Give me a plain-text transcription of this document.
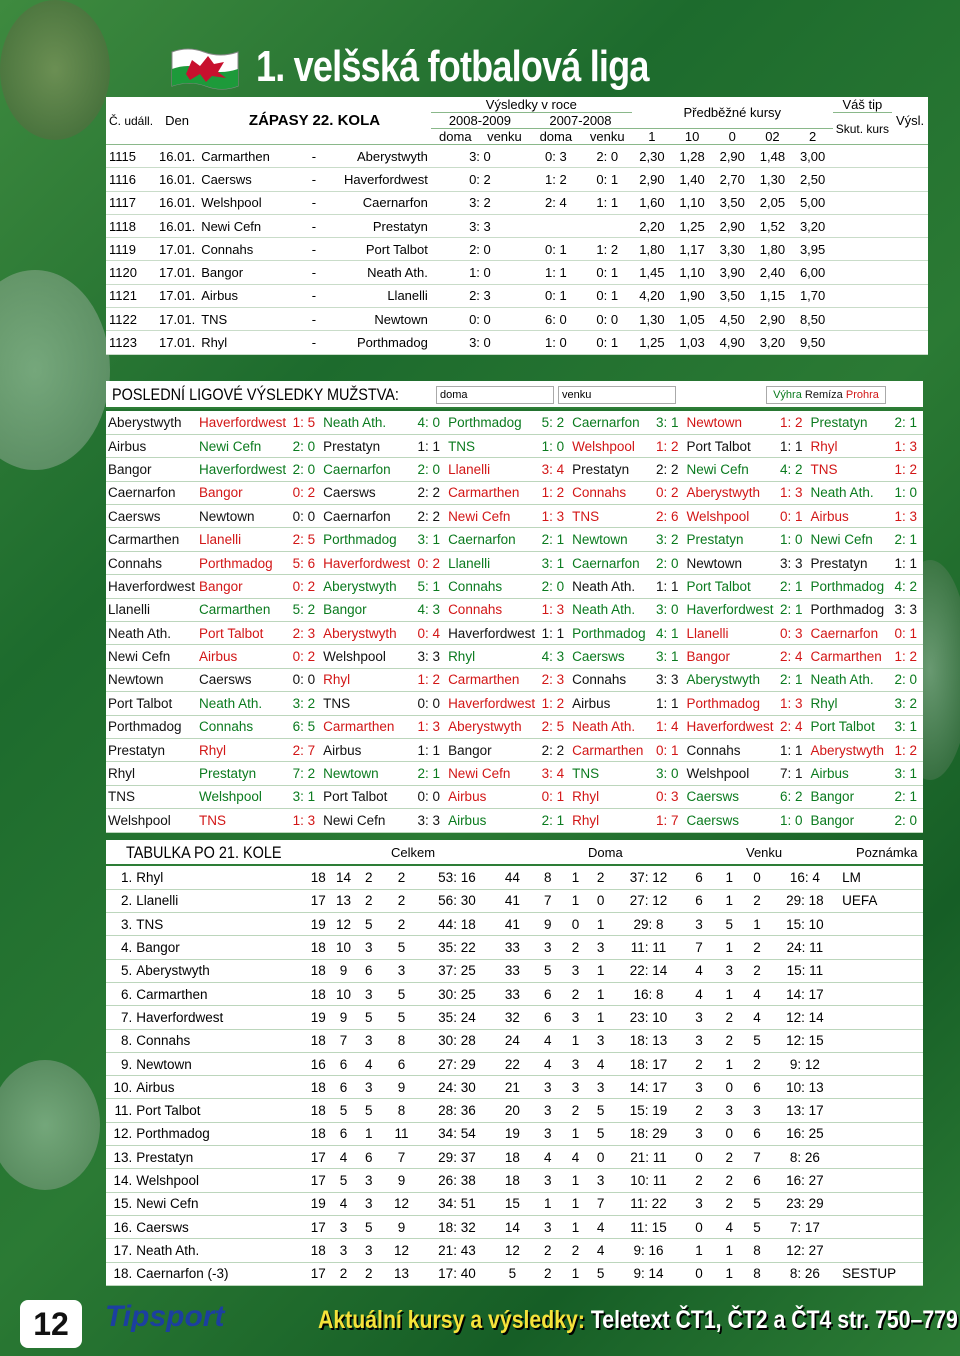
1. velšská fotbalová liga
Č. událl.	Den	ZÁPASY 22. KOLA			Výsledky v roce				Předběžné kursy					Váš tip	Výsl.
					2008-2009		2007-2008							Skut. kurs	
					doma	venku	doma	venku	1	10	0	02	2		
1115	16.01.	Carmarthen	-	Aberystwyth	3: 0		0: 3	2: 0	2,30	1,28	2,90	1,48	3,00		
1116	16.01.	Caersws	-	Haverfordwest	0: 2		1: 2	0: 1	2,90	1,40	2,70	1,30	2,50		
1117	16.01.	Welshpool	-	Caernarfon	3: 2		2: 4	1: 1	1,60	1,10	3,50	2,05	5,00		
1118	16.01.	Newi Cefn	-	Prestatyn	3: 3				2,20	1,25	2,90	1,52	3,20		
1119	17.01.	Connahs	-	Port Talbot	2: 0		0: 1	1: 2	1,80	1,17	3,30	1,80	3,95		
1120	17.01.	Bangor	-	Neath Ath.	1: 0		1: 1	0: 1	1,45	1,10	3,90	2,40	6,00		
1121	17.01.	Airbus	-	Llanelli	2: 3		0: 1	0: 1	4,20	1,90	3,50	1,15	1,70		
1122	17.01.	TNS	-	Newtown	0: 0		6: 0	0: 0	1,30	1,05	4,50	2,90	8,50		
1123	17.01.	Rhyl	-	Porthmadog	3: 0		1: 0	0: 1	1,25	1,03	4,90	3,20	9,50		
POSLEDNÍ LIGOVÉ VÝSLEDKY MUŽSTVA:	doma	venku	Výhra Remíza Prohra
Aberystwyth	Haverfordwest	1: 5	Neath Ath.	4: 0	Porthmadog	5: 2	Caernarfon	3: 1	Newtown	1: 2	Prestatyn	2: 1
Airbus	Newi Cefn	2: 0	Prestatyn	1: 1	TNS	1: 0	Welshpool	1: 2	Port Talbot	1: 1	Rhyl	1: 3
Bangor	Haverfordwest	2: 0	Caernarfon	2: 0	Llanelli	3: 4	Prestatyn	2: 2	Newi Cefn	4: 2	TNS	1: 2
Caernarfon	Bangor	0: 2	Caersws	2: 2	Carmarthen	1: 2	Connahs	0: 2	Aberystwyth	1: 3	Neath Ath.	1: 0
Caersws	Newtown	0: 0	Caernarfon	2: 2	Newi Cefn	1: 3	TNS	2: 6	Welshpool	0: 1	Airbus	1: 3
Carmarthen	Llanelli	2: 5	Porthmadog	3: 1	Caernarfon	2: 1	Newtown	3: 2	Prestatyn	1: 0	Newi Cefn	2: 1
Connahs	Porthmadog	5: 6	Haverfordwest	0: 2	Llanelli	3: 1	Caernarfon	2: 0	Newtown	3: 3	Prestatyn	1: 1
Haverfordwest	Bangor	0: 2	Aberystwyth	5: 1	Connahs	2: 0	Neath Ath.	1: 1	Port Talbot	2: 1	Porthmadog	4: 2
Llanelli	Carmarthen	5: 2	Bangor	4: 3	Connahs	1: 3	Neath Ath.	3: 0	Haverfordwest	2: 1	Porthmadog	3: 3
Neath Ath.	Port Talbot	2: 3	Aberystwyth	0: 4	Haverfordwest	1: 1	Porthmadog	4: 1	Llanelli	0: 3	Caernarfon	0: 1
Newi Cefn	Airbus	0: 2	Welshpool	3: 3	Rhyl	4: 3	Caersws	3: 1	Bangor	2: 4	Carmarthen	1: 2
Newtown	Caersws	0: 0	Rhyl	1: 2	Carmarthen	2: 3	Connahs	3: 3	Aberystwyth	2: 1	Neath Ath.	2: 0
Port Talbot	Neath Ath.	3: 2	TNS	0: 0	Haverfordwest	1: 2	Airbus	1: 1	Porthmadog	1: 3	Rhyl	3: 2
Porthmadog	Connahs	6: 5	Carmarthen	1: 3	Aberystwyth	2: 5	Neath Ath.	1: 4	Haverfordwest	2: 4	Port Talbot	3: 1
Prestatyn	Rhyl	2: 7	Airbus	1: 1	Bangor	2: 2	Carmarthen	0: 1	Connahs	1: 1	Aberystwyth	1: 2
Rhyl	Prestatyn	7: 2	Newtown	2: 1	Newi Cefn	3: 4	TNS	3: 0	Welshpool	7: 1	Airbus	3: 1
TNS	Welshpool	3: 1	Port Talbot	0: 0	Airbus	0: 1	Rhyl	0: 3	Caersws	6: 2	Bangor	2: 1
Welshpool	TNS	1: 3	Newi Cefn	3: 3	Airbus	2: 1	Rhyl	1: 7	Caersws	1: 0	Bangor	2: 0
TABULKA PO 21. KOLE	Celkem	Doma	Venku	Poznámka
1.	Rhyl	18	14	2	2	53: 16	44	8	1	2	37: 12	6	1	0	16: 4	LM
2.	Llanelli	17	13	2	2	56: 30	41	7	1	0	27: 12	6	1	2	29: 18	UEFA
3.	TNS	19	12	5	2	44: 18	41	9	0	1	29: 8	3	5	1	15: 10	
4.	Bangor	18	10	3	5	35: 22	33	3	2	3	11: 11	7	1	2	24: 11	
5.	Aberystwyth	18	9	6	3	37: 25	33	5	3	1	22: 14	4	3	2	15: 11	
6.	Carmarthen	18	10	3	5	30: 25	33	6	2	1	16: 8	4	1	4	14: 17	
7.	Haverfordwest	19	9	5	5	35: 24	32	6	3	1	23: 10	3	2	4	12: 14	
8.	Connahs	18	7	3	8	30: 28	24	4	1	3	18: 13	3	2	5	12: 15	
9.	Newtown	16	6	4	6	27: 29	22	4	3	4	18: 17	2	1	2	9: 12	
10.	Airbus	18	6	3	9	24: 30	21	3	3	3	14: 17	3	0	6	10: 13	
11.	Port Talbot	18	5	5	8	28: 36	20	3	2	5	15: 19	2	3	3	13: 17	
12.	Porthmadog	18	6	1	11	34: 54	19	3	1	5	18: 29	3	0	6	16: 25	
13.	Prestatyn	17	4	6	7	29: 37	18	4	4	0	21: 11	0	2	7	8: 26	
14.	Welshpool	17	5	3	9	26: 38	18	3	1	3	10: 11	2	2	6	16: 27	
15.	Newi Cefn	19	4	3	12	34: 51	15	1	1	7	11: 22	3	2	5	23: 29	
16.	Caersws	17	3	5	9	18: 32	14	3	1	4	11: 15	0	4	5	7: 17	
17.	Neath Ath.	18	3	3	12	21: 43	12	2	2	4	9: 16	1	1	8	12: 27	
18.	Caernarfon (-3)	17	2	2	13	17: 40	5	2	1	5	9: 14	0	1	8	8: 26	SESTUP
12	Tipsport	Aktuální kursy a výsledky: Teletext ČT1, ČT2 a ČT4 str. 750–779
